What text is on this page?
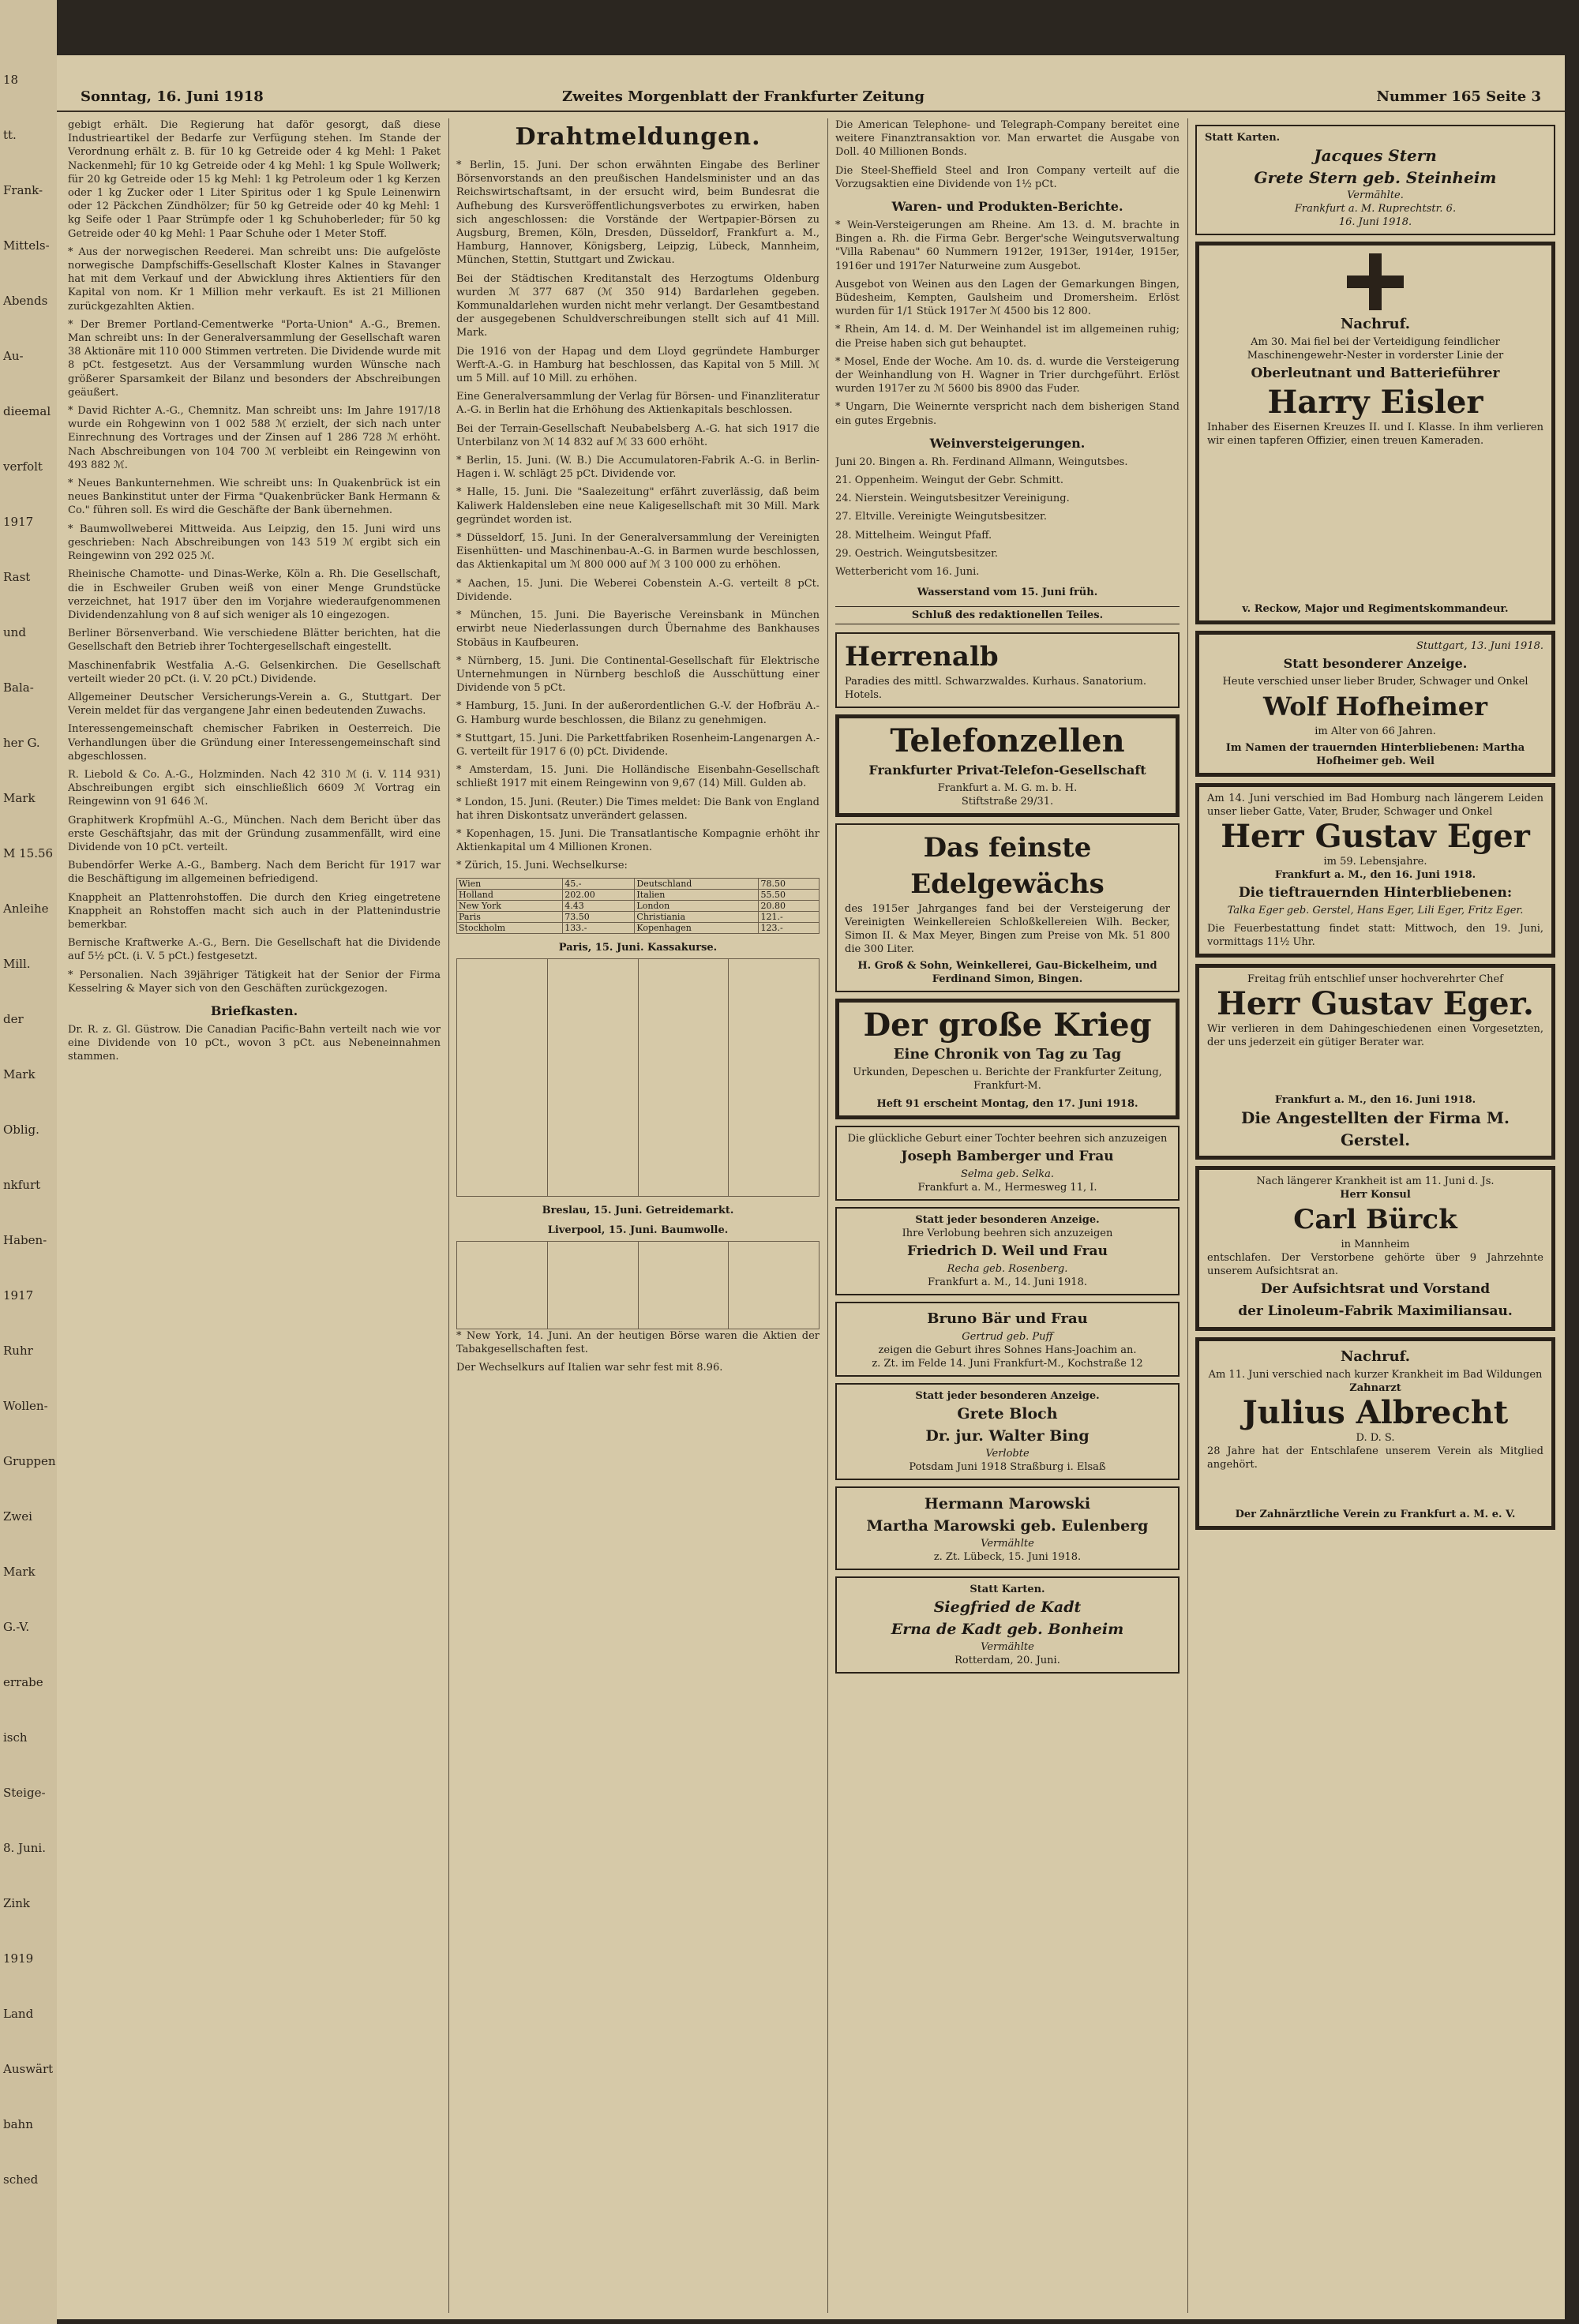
18
tt.
Frank-
Mittels-
Abends
Au-
dieemal
verfolt
1917
Rast
und
Bala-
her G.
Mark
M 15.56
Anleihe
Mill.
der
Mark
Oblig.
nkfurt
Haben-
1917
Ruhr
Wollen-
Gruppen
Zwei
Mark
G.-V.
errabe
isch
Steige-
8. Juni.
Zink
1919
Land
Auswärt
bahn
sched
Sonntag, 16. Juni 1918	Zweites Morgenblatt der Frankfurter Zeitung	Nummer 165 Seite 3

gebigt erhält. Die Regierung hat daför gesorgt, daß diese Industrieartikel der Bedarfe zur Verfügung stehen. Im Stande der Verordnung erhält z. B. für 10 kg Getreide oder 4 kg Mehl: 1 Paket Nackenmehl; für 10 kg Getreide oder 4 kg Mehl: 1 kg Spule Wollwerk; für 20 kg Getreide oder 15 kg Mehl: 1 kg Petroleum oder 1 kg Kerzen oder 1 kg Zucker oder 1 Liter Spiritus oder 1 kg Spule Leinenwirn oder 12 Päckchen Zündhölzer; für 50 kg Getreide oder 40 kg Mehl: 1 kg Seife oder 1 Paar Strümpfe oder 1 kg Schuhoberleder; für 50 kg Getreide oder 40 kg Mehl: 1 Paar Schuhe oder 1 Meter Stoff.

* Aus der norwegischen Reederei. Man schreibt uns: Die aufgelöste norwegische Dampfschiffs-Gesellschaft Kloster Kalnes in Stavanger hat mit dem Verkauf und der Abwicklung ihres Aktientiers für den Kapital von nom. Kr 1 Million mehr verkauft. Es ist 21 Millionen zurückgezahlten Aktien.

* Der Bremer Portland-Cementwerke "Porta-Union" A.-G., Bremen. Man schreibt uns: In der Generalversammlung der Gesellschaft waren 38 Aktionäre mit 110 000 Stimmen vertreten. Die Dividende wurde mit 8 pCt. festgesetzt. Aus der Versammlung wurden Wünsche nach größerer Sparsamkeit der Bilanz und besonders der Abschreibungen geäußert.

* David Richter A.-G., Chemnitz. Man schreibt uns: Im Jahre 1917/18 wurde ein Rohgewinn von 1 002 588 ℳ erzielt, der sich nach unter Einrechnung des Vortrages und der Zinsen auf 1 286 728 ℳ erhöht. Nach Abschreibungen von 104 700 ℳ verbleibt ein Reingewinn von 493 882 ℳ.

* Neues Bankunternehmen. Wie schreibt uns: In Quakenbrück ist ein neues Bankinstitut unter der Firma "Quakenbrücker Bank Hermann & Co." führen soll. Es wird die Geschäfte der Bank übernehmen.

* Baumwollweberei Mittweida. Aus Leipzig, den 15. Juni wird uns geschrieben: Nach Abschreibungen von 143 519 ℳ ergibt sich ein Reingewinn von 292 025 ℳ.

Rheinische Chamotte- und Dinas-Werke, Köln a. Rh. Die Gesellschaft, die in Eschweiler Gruben weiß von einer Menge Grundstücke verzeichnet, hat 1917 über den im Vorjahre wiederaufgenommenen Dividendenzahlung von 8 auf sich weniger als 10 eingezogen.

Berliner Börsenverband. Wie verschiedene Blätter berichten, hat die Gesellschaft den Betrieb ihrer Tochtergesellschaft eingestellt.

Maschinenfabrik Westfalia A.-G. Gelsenkirchen. Die Gesellschaft verteilt wieder 20 pCt. (i. V. 20 pCt.) Dividende.

Allgemeiner Deutscher Versicherungs-Verein a. G., Stuttgart. Der Verein meldet für das vergangene Jahr einen bedeutenden Zuwachs.

Interessengemeinschaft chemischer Fabriken in Oesterreich. Die Verhandlungen über die Gründung einer Interessengemeinschaft sind abgeschlossen.

R. Liebold & Co. A.-G., Holzminden. Nach 42 310 ℳ (i. V. 114 931) Abschreibungen ergibt sich einschließlich 6609 ℳ Vortrag ein Reingewinn von 91 646 ℳ.

Graphitwerk Kropfmühl A.-G., München. Nach dem Bericht über das erste Geschäftsjahr, das mit der Gründung zusammenfällt, wird eine Dividende von 10 pCt. verteilt.

Bubendörfer Werke A.-G., Bamberg. Nach dem Bericht für 1917 war die Beschäftigung im allgemeinen befriedigend.

Knappheit an Plattenrohstoffen. Die durch den Krieg eingetretene Knappheit an Rohstoffen macht sich auch in der Plattenindustrie bemerkbar.

Bernische Kraftwerke A.-G., Bern. Die Gesellschaft hat die Dividende auf 5½ pCt. (i. V. 5 pCt.) festgesetzt.

* Personalien. Nach 39jähriger Tätigkeit hat der Senior der Firma Kesselring & Mayer sich von den Geschäften zurückgezogen.

Briefkasten.

Dr. R. z. Gl. Güstrow. Die Canadian Pacific-Bahn verteilt nach wie vor eine Dividende von 10 pCt., wovon 3 pCt. aus Nebeneinnahmen stammen.

Drahtmeldungen.

* Berlin, 15. Juni. Der schon erwähnten Eingabe des Berliner Börsenvorstands an den preußischen Handelsminister und an das Reichswirtschaftsamt, in der ersucht wird, beim Bundesrat die Aufhebung des Kursveröffentlichungsverbotes zu erwirken, haben sich angeschlossen: die Vorstände der Wertpapier-Börsen zu Augsburg, Bremen, Köln, Dresden, Düsseldorf, Frankfurt a. M., Hamburg, Hannover, Königsberg, Leipzig, Lübeck, Mannheim, München, Stettin, Stuttgart und Zwickau.

Bei der Städtischen Kreditanstalt des Herzogtums Oldenburg wurden ℳ 377 687 (ℳ 350 914) Bardarlehen gegeben. Kommunaldarlehen wurden nicht mehr verlangt. Der Gesamtbestand der ausgegebenen Schuldverschreibungen stellt sich auf 41 Mill. Mark.

Die 1916 von der Hapag und dem Lloyd gegründete Hamburger Werft-A.-G. in Hamburg hat beschlossen, das Kapital von 5 Mill. ℳ um 5 Mill. auf 10 Mill. zu erhöhen.

Eine Generalversammlung der Verlag für Börsen- und Finanzliteratur A.-G. in Berlin hat die Erhöhung des Aktienkapitals beschlossen.

Bei der Terrain-Gesellschaft Neubabelsberg A.-G. hat sich 1917 die Unterbilanz von ℳ 14 832 auf ℳ 33 600 erhöht.

* Berlin, 15. Juni. (W. B.) Die Accumulatoren-Fabrik A.-G. in Berlin-Hagen i. W. schlägt 25 pCt. Dividende vor.

* Halle, 15. Juni. Die "Saalezeitung" erfährt zuverlässig, daß beim Kaliwerk Haldensleben eine neue Kaligesellschaft mit 30 Mill. Mark gegründet worden ist.

* Düsseldorf, 15. Juni. In der Generalversammlung der Vereinigten Eisenhütten- und Maschinenbau-A.-G. in Barmen wurde beschlossen, das Aktienkapital um ℳ 800 000 auf ℳ 3 100 000 zu erhöhen.

* Aachen, 15. Juni. Die Weberei Cobenstein A.-G. verteilt 8 pCt. Dividende.

* München, 15. Juni. Die Bayerische Vereinsbank in München erwirbt neue Niederlassungen durch Übernahme des Bankhauses Stobäus in Kaufbeuren.

* Nürnberg, 15. Juni. Die Continental-Gesellschaft für Elektrische Unternehmungen in Nürnberg beschloß die Ausschüttung einer Dividende von 5 pCt.

* Hamburg, 15. Juni. In der außerordentlichen G.-V. der Hofbräu A.-G. Hamburg wurde beschlossen, die Bilanz zu genehmigen.

* Stuttgart, 15. Juni. Die Parkettfabriken Rosenheim-Langenargen A.-G. verteilt für 1917 6 (0) pCt. Dividende.

* Amsterdam, 15. Juni. Die Holländische Eisenbahn-Gesellschaft schließt 1917 mit einem Reingewinn von 9,67 (14) Mill. Gulden ab.

* London, 15. Juni. (Reuter.) Die Times meldet: Die Bank von England hat ihren Diskontsatz unverändert gelassen.

* Kopenhagen, 15. Juni. Die Transatlantische Kompagnie erhöht ihr Aktienkapital um 4 Millionen Kronen.

* Zürich, 15. Juni. Wechselkurse:

Wien	45.-	Deutschland	78.50
Holland	202.00	Italien	55.50
New York	4.43	London	20.80
Paris	73.50	Christiania	121.-
Stockholm	133.-	Kopenhagen	123.-
Paris, 15. Juni. Kassakurse.

Breslau, 15. Juni. Getreidemarkt.
Liverpool, 15. Juni. Baumwolle.

* New York, 14. Juni. An der heutigen Börse waren die Aktien der Tabakgesellschaften fest.

Der Wechselkurs auf Italien war sehr fest mit 8.96.

Die American Telephone- und Telegraph-Company bereitet eine weitere Finanztransaktion vor. Man erwartet die Ausgabe von Doll. 40 Millionen Bonds.

Die Steel-Sheffield Steel and Iron Company verteilt auf die Vorzugsaktien eine Dividende von 1½ pCt.

Waren- und Produkten-Berichte.

* Wein-Versteigerungen am Rheine. Am 13. d. M. brachte in Bingen a. Rh. die Firma Gebr. Berger'sche Weingutsverwaltung "Villa Rabenau" 60 Nummern 1912er, 1913er, 1914er, 1915er, 1916er und 1917er Naturweine zum Ausgebot.

Ausgebot von Weinen aus den Lagen der Gemarkungen Bingen, Büdesheim, Kempten, Gaulsheim und Dromersheim. Erlöst wurden für 1/1 Stück 1917er ℳ 4500 bis 12 800.

* Rhein, Am 14. d. M. Der Weinhandel ist im allgemeinen ruhig; die Preise haben sich gut behauptet.

* Mosel, Ende der Woche. Am 10. ds. d. wurde die Versteigerung der Weinhandlung von H. Wagner in Trier durchgeführt. Erlöst wurden 1917er zu ℳ 5600 bis 8900 das Fuder.

* Ungarn, Die Weinernte verspricht nach dem bisherigen Stand ein gutes Ergebnis.

Weinversteigerungen.

Juni 20. Bingen a. Rh. Ferdinand Allmann, Weingutsbes.

21. Oppenheim. Weingut der Gebr. Schmitt.

24. Nierstein. Weingutsbesitzer Vereinigung.

27. Eltville. Vereinigte Weingutsbesitzer.

28. Mittelheim. Weingut Pfaff.

29. Oestrich. Weingutsbesitzer.

Wetterbericht vom 16. Juni.

Wasserstand vom 15. Juni früh.
Schluß des redaktionellen Teiles.
Herrenalb
Paradies des mittl. Schwarzwaldes. Kurhaus. Sanatorium. Hotels.
Telefonzellen
Frankfurter Privat-Telefon-Gesellschaft
Frankfurt a. M. G. m. b. H.
Stiftstraße 29/31.
Das feinste Edelgewächs
des 1915er Jahrganges fand bei der Versteigerung der Vereinigten Weinkellereien Schloßkellereien Wilh. Becker, Simon II. & Max Meyer, Bingen zum Preise von Mk. 51 800 die 300 Liter.
H. Groß & Sohn, Weinkellerei, Gau-Bickelheim, und Ferdinand Simon, Bingen.
Der große Krieg
Eine Chronik von Tag zu Tag
Urkunden, Depeschen u. Berichte der Frankfurter Zeitung, Frankfurt-M.
Heft 91 erscheint Montag, den 17. Juni 1918.
Die glückliche Geburt einer Tochter beehren sich anzuzeigen
Joseph Bamberger und Frau
Selma geb. Selka.
Frankfurt a. M., Hermesweg 11, I.
Statt jeder besonderen Anzeige.
Ihre Verlobung beehren sich anzuzeigen
Friedrich D. Weil und Frau
Recha geb. Rosenberg.
Frankfurt a. M., 14. Juni 1918.
Bruno Bär und Frau
Gertrud geb. Puff
zeigen die Geburt ihres Sohnes Hans-Joachim an.
z. Zt. im Felde 14. Juni Frankfurt-M., Kochstraße 12
Statt jeder besonderen Anzeige.
Grete Bloch
Dr. jur. Walter Bing
Verlobte
Potsdam Juni 1918 Straßburg i. Elsaß
Hermann Marowski
Martha Marowski geb. Eulenberg
Vermählte
z. Zt. Lübeck, 15. Juni 1918.
Statt Karten.
Siegfried de Kadt
Erna de Kadt geb. Bonheim
Vermählte
Rotterdam, 20. Juni.
Statt Karten.
Jacques Stern
Grete Stern geb. Steinheim
Vermählte.
Frankfurt a. M. Ruprechtstr. 6.
16. Juni 1918.
Nachruf.
Am 30. Mai fiel bei der Verteidigung feindlicher Maschinengewehr-Nester in vorderster Linie der
Oberleutnant und Batterieführer
Harry Eisler
Inhaber des Eisernen Kreuzes II. und I. Klasse. In ihm verlieren wir einen tapferen Offizier, einen treuen Kameraden.
v. Reckow, Major und Regimentskommandeur.
Stuttgart, 13. Juni 1918.
Statt besonderer Anzeige.
Heute verschied unser lieber Bruder, Schwager und Onkel
Wolf Hofheimer
im Alter von 66 Jahren.
Im Namen der trauernden Hinterbliebenen: Martha Hofheimer geb. Weil
Am 14. Juni verschied im Bad Homburg nach längerem Leiden unser lieber Gatte, Vater, Bruder, Schwager und Onkel
Herr Gustav Eger
im 59. Lebensjahre.
Frankfurt a. M., den 16. Juni 1918.
Die tieftrauernden Hinterbliebenen:
Talka Eger geb. Gerstel, Hans Eger, Lili Eger, Fritz Eger.
Die Feuerbestattung findet statt: Mittwoch, den 19. Juni, vormittags 11½ Uhr.
Freitag früh entschlief unser hochverehrter Chef
Herr Gustav Eger.
Wir verlieren in dem Dahingeschiedenen einen Vorgesetzten, der uns jederzeit ein gütiger Berater war.
Frankfurt a. M., den 16. Juni 1918.
Die Angestellten der Firma M. Gerstel.
Nach längerer Krankheit ist am 11. Juni d. Js.
Herr Konsul
Carl Bürck
in Mannheim
entschlafen. Der Verstorbene gehörte über 9 Jahrzehnte unserem Aufsichtsrat an.
Der Aufsichtsrat und Vorstand
der Linoleum-Fabrik Maximiliansau.
Nachruf.
Am 11. Juni verschied nach kurzer Krankheit im Bad Wildungen
Zahnarzt
Julius Albrecht
D. D. S.
28 Jahre hat der Entschlafene unserem Verein als Mitglied angehört.
Der Zahnärztliche Verein zu Frankfurt a. M. e. V.
